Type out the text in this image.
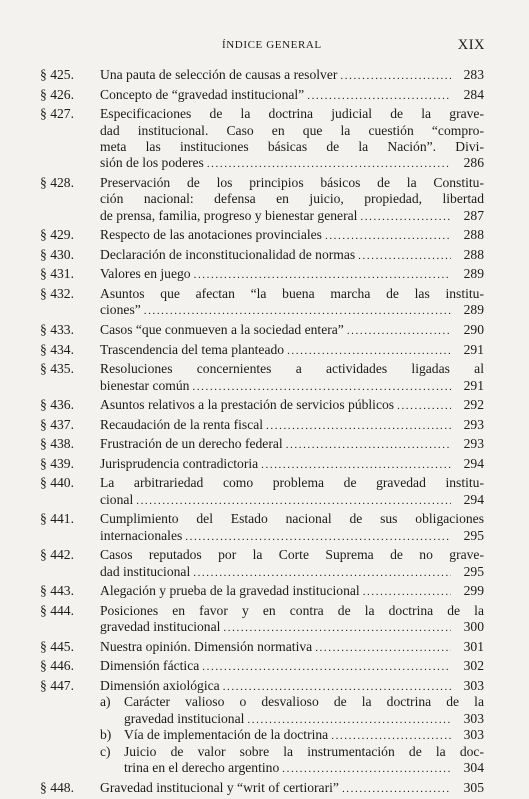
ÍNDICE GENERAL	XIX
§ 425.	Una pauta de selección de causas a resolver .....	283
§ 426.	Concepto de “gravedad institucional” .....	284
§ 427.	Especificaciones de la doctrina judicial de la grave-
dad institucional. Caso en que la cuestión “compro-
meta las instituciones básicas de la Nación”. Divi-
sión de los poderes .....	286
§ 428.	Preservación de los principios básicos de la Constitu-
ción nacional: defensa en juicio, propiedad, libertad
de prensa, familia, progreso y bienestar general .....	287
§ 429.	Respecto de las anotaciones provinciales .....	288
§ 430.	Declaración de inconstitucionalidad de normas .....	288
§ 431.	Valores en juego .....	289
§ 432.	Asuntos que afectan “la buena marcha de las institu-
ciones” .....	289
§ 433.	Casos “que conmueven a la sociedad entera” .....	290
§ 434.	Trascendencia del tema planteado .....	291
§ 435.	Resoluciones concernientes a actividades ligadas al
bienestar común .....	291
§ 436.	Asuntos relativos a la prestación de servicios públicos .....	292
§ 437.	Recaudación de la renta fiscal .....	293
§ 438.	Frustración de un derecho federal .....	293
§ 439.	Jurisprudencia contradictoria .....	294
§ 440.	La arbitrariedad como problema de gravedad institu-
cional .....	294
§ 441.	Cumplimiento del Estado nacional de sus obligaciones
internacionales .....	295
§ 442.	Casos reputados por la Corte Suprema de no grave-
dad institucional .....	295
§ 443.	Alegación y prueba de la gravedad institucional .....	299
§ 444.	Posiciones en favor y en contra de la doctrina de la
gravedad institucional .....	300
§ 445.	Nuestra opinión. Dimensión normativa .....	301
§ 446.	Dimensión fáctica .....	302
§ 447.	Dimensión axiológica .....	303
a) Carácter valioso o desvalioso de la doctrina de la
gravedad institucional .....	303
b) Vía de implementación de la doctrina .....	303
c) Juicio de valor sobre la instrumentación de la doc-
trina en el derecho argentino .....	304
§ 448.	Gravedad institucional y “writ of certiorari” .....	305
